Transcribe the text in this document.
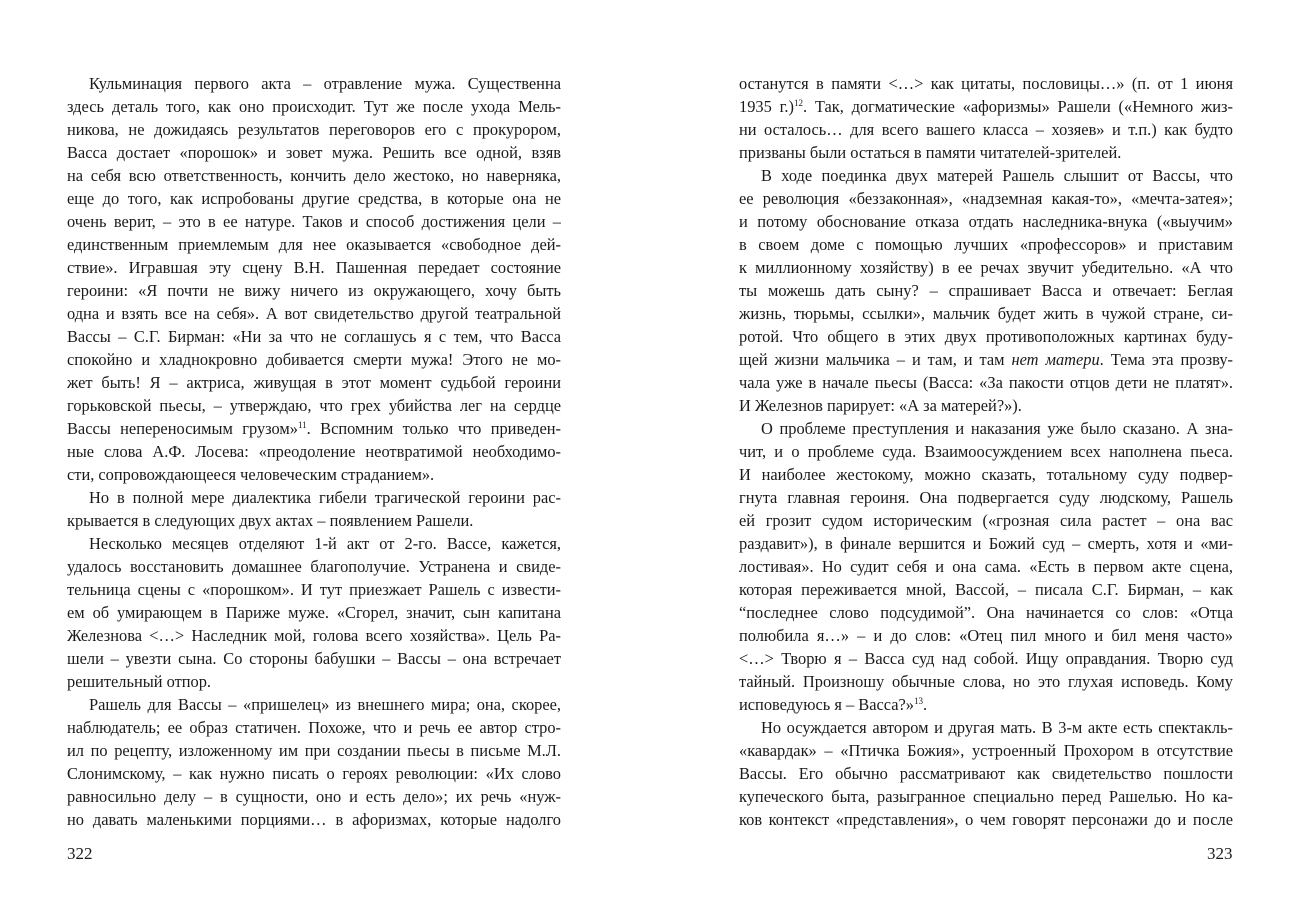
Кульминация первого акта – отравление мужа. Существенна
здесь деталь того, как оно происходит. Тут же после ухода Мель-
никова, не дожидаясь результатов переговоров его с прокурором,
Васса достает «порошок» и зовет мужа. Решить все одной, взяв
на себя всю ответственность, кончить дело жестоко, но наверняка,
еще до того, как испробованы другие средства, в которые она не
очень верит, – это в ее натуре. Таков и способ достижения цели –
единственным приемлемым для нее оказывается «свободное дей-
ствие». Игравшая эту сцену В.Н. Пашенная передает состояние
героини: «Я почти не вижу ничего из окружающего, хочу быть
одна и взять все на себя». А вот свидетельство другой театральной
Вассы – С.Г. Бирман: «Ни за что не соглашусь я с тем, что Васса
спокойно и хладнокровно добивается смерти мужа! Этого не мо-
жет быть! Я – актриса, живущая в этот момент судьбой героини
горьковской пьесы, – утверждаю, что грех убийства лег на сердце
Вассы непереносимым грузом»$^{11}$. Вспомним только что приведен-
ные слова А.Ф. Лосева: «преодоление неотвратимой необходимо-
сти, сопровождающееся человеческим страданием».
Но в полной мере диалектика гибели трагической героини рас-
крывается в следующих двух актах – появлением Рашели.
Несколько месяцев отделяют 1-й акт от 2-го. Вассе, кажется,
удалось восстановить домашнее благополучие. Устранена и свиде-
тельница сцены с «порошком». И тут приезжает Рашель с извести-
ем об умирающем в Париже муже. «Сгорел, значит, сын капитана
Железнова <…> Наследник мой, голова всего хозяйства». Цель Ра-
шели – увезти сына. Со стороны бабушки – Вассы – она встречает
решительный отпор.
Рашель для Вассы – «пришелец» из внешнего мира; она, скорее,
наблюдатель; ее образ статичен. Похоже, что и речь ее автор стро-
ил по рецепту, изложенному им при создании пьесы в письме М.Л.
Слонимскому, – как нужно писать о героях революции: «Их слово
равносильно делу – в сущности, оно и есть дело»; их речь «нуж-
но давать маленькими порциями… в афоризмах, которые надолго
322
останутся в памяти <…> как цитаты, пословицы…» (п. от 1 июня
1935 г.)$^{12}$. Так, догматические «афоризмы» Рашели («Немного жиз-
ни осталось… для всего вашего класса – хозяев» и т.п.) как будто
призваны были остаться в памяти читателей-зрителей.
В ходе поединка двух матерей Рашель слышит от Вассы, что
ее революция «беззаконная», «надземная какая-то», «мечта-затея»;
и потому обоснование отказа отдать наследника-внука («выучим»
в своем доме с помощью лучших «профессоров» и приставим
к миллионному хозяйству) в ее речах звучит убедительно. «А что
ты можешь дать сыну? – спрашивает Васса и отвечает: Беглая
жизнь, тюрьмы, ссылки», мальчик будет жить в чужой стране, си-
ротой. Что общего в этих двух противоположных картинах буду-
щей жизни мальчика – и там, и там нет матери. Тема эта прозву-
чала уже в начале пьесы (Васса: «За пакости отцов дети не платят».
И Железнов парирует: «А за матерей?»).
О проблеме преступления и наказания уже было сказано. А зна-
чит, и о проблеме суда. Взаимоосуждением всех наполнена пьеса.
И наиболее жестокому, можно сказать, тотальному суду подвер-
гнута главная героиня. Она подвергается суду людскому, Рашель
ей грозит судом историческим («грозная сила растет – она вас
раздавит»), в финале вершится и Божий суд – смерть, хотя и «ми-
лостивая». Но судит себя и она сама. «Есть в первом акте сцена,
которая переживается мной, Вассой, – писала С.Г. Бирман, – как
“последнее слово подсудимой”. Она начинается со слов: «Отца
полюбила я…» – и до слов: «Отец пил много и бил меня часто»
<…> Творю я – Васса суд над собой. Ищу оправдания. Творю суд
тайный. Произношу обычные слова, но это глухая исповедь. Кому
исповедуюсь я – Васса?»$^{13}$.
Но осуждается автором и другая мать. В 3-м акте есть спектакль-
«кавардак» – «Птичка Божия», устроенный Прохором в отсутствие
Вассы. Его обычно рассматривают как свидетельство пошлости
купеческого быта, разыгранное специально перед Рашелью. Но ка-
ков контекст «представления», о чем говорят персонажи до и после
323
